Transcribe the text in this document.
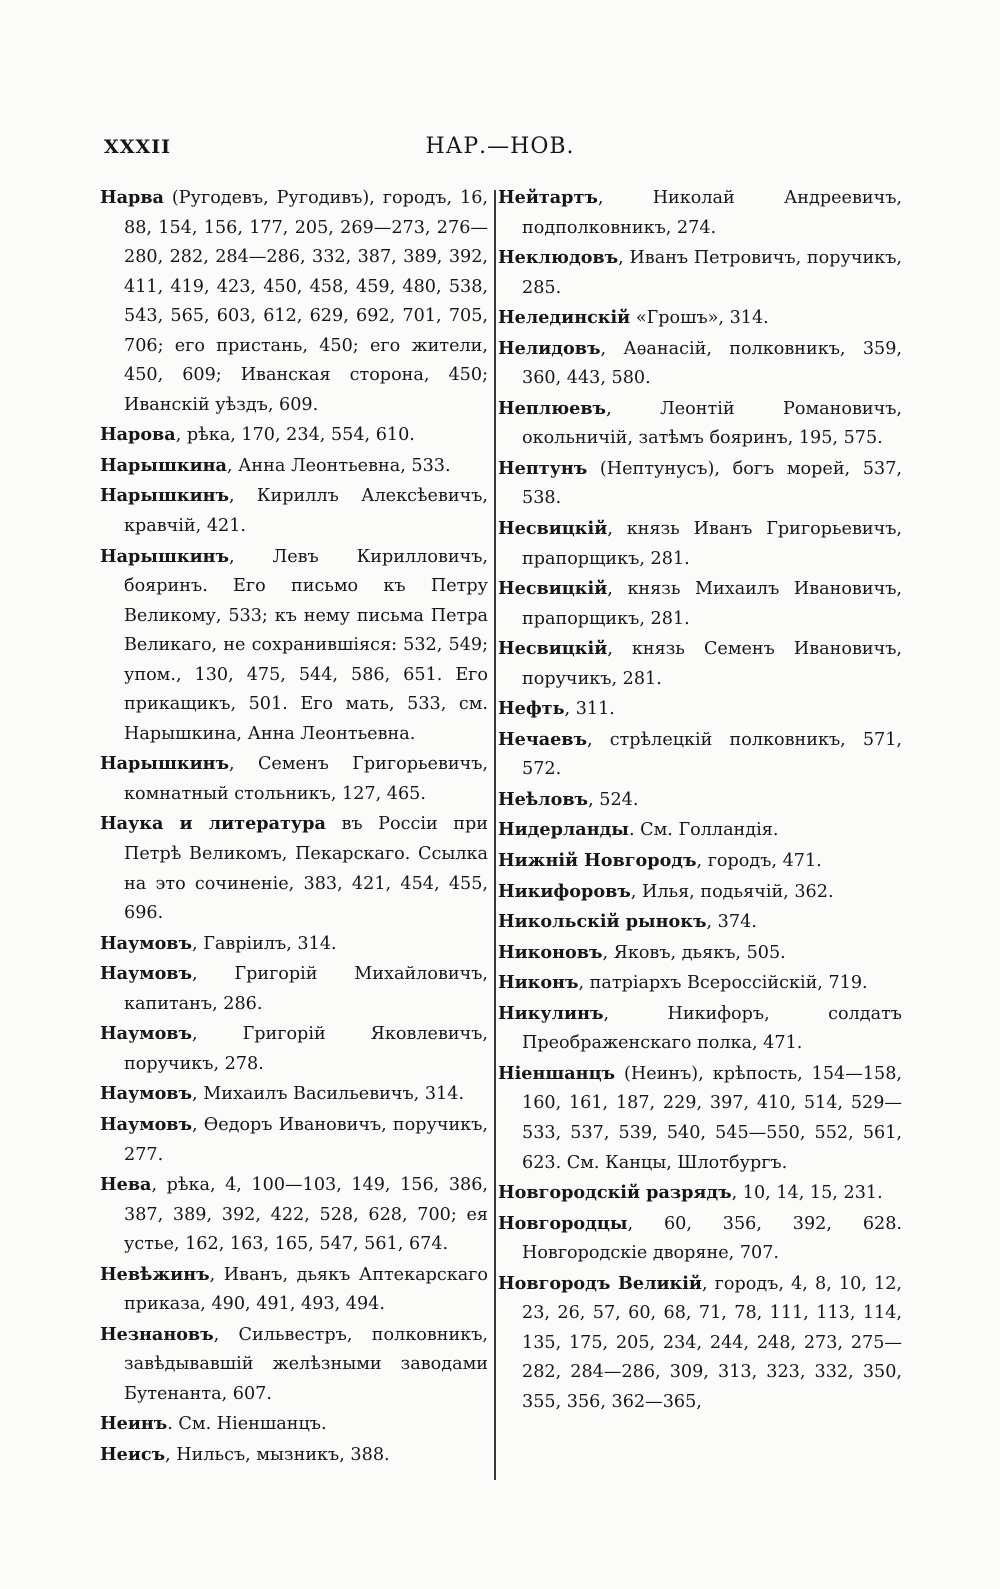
XXXII	НАР.—НОВ.
Нарва (Ругодевъ, Ругодивъ), городъ, 16, 88, 154, 156, 177, 205, 269—273, 276—280, 282, 284—286, 332, 387, 389, 392, 411, 419, 423, 450, 458, 459, 480, 538, 543, 565, 603, 612, 629, 692, 701, 705, 706; его пристань, 450; его жители, 450, 609; Иванская сторона, 450; Иванскій уѣздъ, 609.
Нарова, рѣка, 170, 234, 554, 610.
Нарышкина, Анна Леонтьевна, 533.
Нарышкинъ, Кириллъ Алексѣевичъ, кравчій, 421.
Нарышкинъ, Левъ Кирилловичъ, бояринъ. Его письмо къ Петру Великому, 533; къ нему письма Петра Великаго, не сохранившіяся: 532, 549; упом., 130, 475, 544, 586, 651. Его прикащикъ, 501. Его мать, 533, см. Нарышкина, Анна Леонтьевна.
Нарышкинъ, Семенъ Григорьевичъ, комнатный стольникъ, 127, 465.
Наука и литература въ Россіи при Петрѣ Великомъ, Пекарскаго. Ссылка на это сочиненіе, 383, 421, 454, 455, 696.
Наумовъ, Гавріилъ, 314.
Наумовъ, Григорій Михайловичъ, капитанъ, 286.
Наумовъ, Григорій Яковлевичъ, поручикъ, 278.
Наумовъ, Михаилъ Васильевичъ, 314.
Наумовъ, Ѳедоръ Ивановичъ, поручикъ, 277.
Нева, рѣка, 4, 100—103, 149, 156, 386, 387, 389, 392, 422, 528, 628, 700; ея устье, 162, 163, 165, 547, 561, 674.
Невѣжинъ, Иванъ, дьякъ Аптекарскаго приказа, 490, 491, 493, 494.
Незнановъ, Сильвестръ, полковникъ, завѣдывавшій желѣзными заводами Бутенанта, 607.
Неинъ. См. Ніеншанцъ.
Неисъ, Нильсъ, мызникъ, 388.
Нейтартъ, Николай Андреевичъ, подполковникъ, 274.
Неклюдовъ, Иванъ Петровичъ, поручикъ, 285.
Нелединскій «Грошъ», 314.
Нелидовъ, Аѳанасій, полковникъ, 359, 360, 443, 580.
Неплюевъ, Леонтій Романовичъ, окольничій, затѣмъ бояринъ, 195, 575.
Нептунъ (Нептунусъ), богъ морей, 537, 538.
Несвицкій, князь Иванъ Григорьевичъ, прапорщикъ, 281.
Несвицкій, князь Михаилъ Ивановичъ, прапорщикъ, 281.
Несвицкій, князь Семенъ Ивановичъ, поручикъ, 281.
Нефть, 311.
Нечаевъ, стрѣлецкій полковникъ, 571, 572.
Неѣловъ, 524.
Нидерланды. См. Голландія.
Нижній Новгородъ, городъ, 471.
Никифоровъ, Илья, подьячій, 362.
Никольскій рынокъ, 374.
Никоновъ, Яковъ, дьякъ, 505.
Никонъ, патріархъ Всероссійскій, 719.
Никулинъ, Никифоръ, солдатъ Преображенскаго полка, 471.
Ніеншанцъ (Неинъ), крѣпость, 154—158, 160, 161, 187, 229, 397, 410, 514, 529—533, 537, 539, 540, 545—550, 552, 561, 623. См. Канцы, Шлотбургъ.
Новгородскій разрядъ, 10, 14, 15, 231.
Новгородцы, 60, 356, 392, 628. Новгородскіе дворяне, 707.
Новгородъ Великій, городъ, 4, 8, 10, 12, 23, 26, 57, 60, 68, 71, 78, 111, 113, 114, 135, 175, 205, 234, 244, 248, 273, 275—282, 284—286, 309, 313, 323, 332, 350, 355, 356, 362—365,
